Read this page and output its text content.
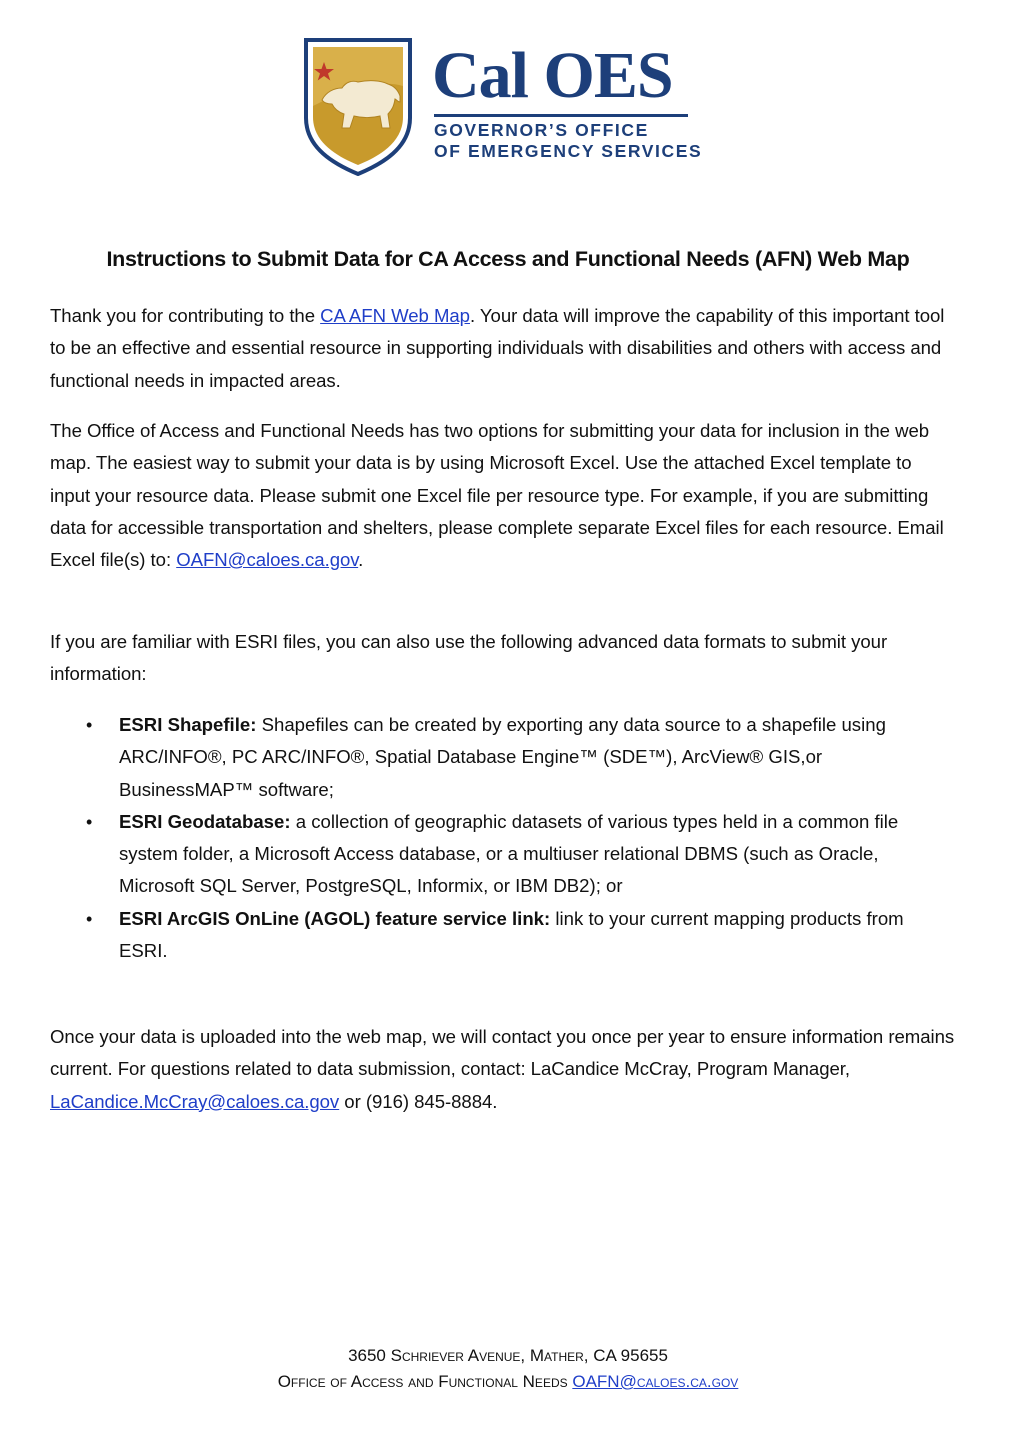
Cal OES
GOVERNOR’S OFFICE
OF EMERGENCY SERVICES
Instructions to Submit Data for CA Access and Functional Needs (AFN) Web Map

Thank you for contributing to the CA AFN Web Map. Your data will improve the capability of this important tool to be an effective and essential resource in supporting individuals with disabilities and others with access and functional needs in impacted areas.

The Office of Access and Functional Needs has two options for submitting your data for inclusion in the web map. The easiest way to submit your data is by using Microsoft Excel. Use the attached Excel template to input your resource data. Please submit one Excel file per resource type. For example, if you are submitting data for accessible transportation and shelters, please complete separate Excel files for each resource. Email Excel file(s) to: OAFN@caloes.ca.gov.

If you are familiar with ESRI files, you can also use the following advanced data formats to submit your information:

• ESRI Shapefile: Shapefiles can be created by exporting any data source to a shapefile using ARC/INFO®, PC ARC/INFO®, Spatial Database Engine™ (SDE™), ArcView® GIS,or BusinessMAP™ software;
• ESRI Geodatabase: a collection of geographic datasets of various types held in a common file system folder, a Microsoft Access database, or a multiuser relational DBMS (such as Oracle, Microsoft SQL Server, PostgreSQL, Informix, or IBM DB2); or
• ESRI ArcGIS OnLine (AGOL) feature service link: link to your current mapping products from ESRI.

Once your data is uploaded into the web map, we will contact you once per year to ensure information remains current. For questions related to data submission, contact: LaCandice McCray, Program Manager, LaCandice.McCray@caloes.ca.gov or (916) 845-8884.

3650 Schriever Avenue, Mather, CA 95655
Office of Access and Functional Needs OAFN@caloes.ca.gov
